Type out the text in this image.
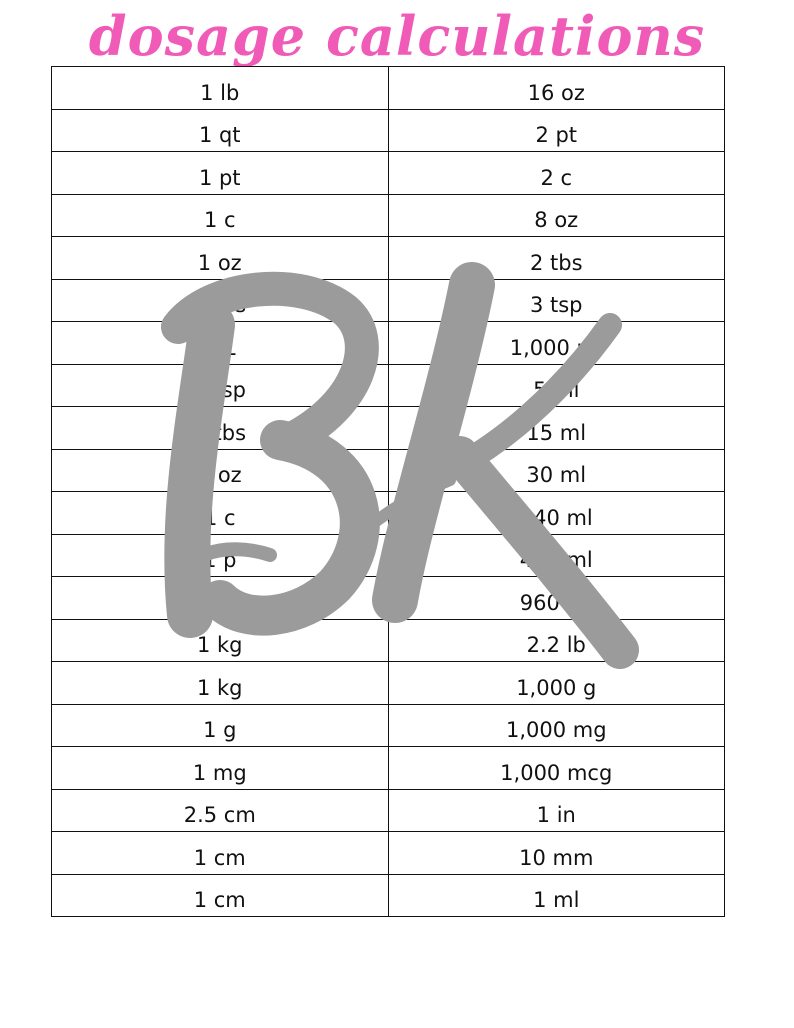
dosage calculations
1 lb	16 oz
1 qt	2 pt
1 pt	2 c
1 c	8 oz
1 oz	2 tbs
1 tbs	3 tsp
1 L	1,000 ml
1 tsp	5 ml
1 tbs	15 ml
1 oz	30 ml
1 c	240 ml
1 p	480 ml
1 qt	960 ml
1 kg	2.2 lb
1 kg	1,000 g
1 g	1,000 mg
1 mg	1,000 mcg
2.5 cm	1 in
1 cm	10 mm
1 cm	1 ml
